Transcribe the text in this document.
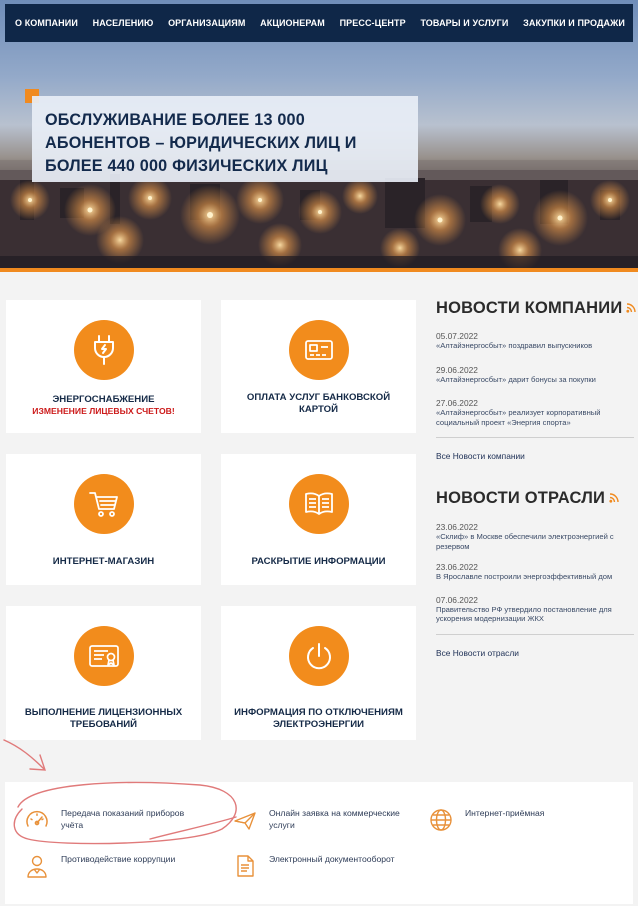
ОБСЛУЖИВАНИЕ БОЛЕЕ 13 000
АБОНЕНТОВ – ЮРИДИЧЕСКИХ ЛИЦ И
БОЛЕЕ 440 000 ФИЗИЧЕСКИХ ЛИЦ
О КОМПАНИИ НАСЕЛЕНИЮ ОРГАНИЗАЦИЯМ АКЦИОНЕРАМ ПРЕСС-ЦЕНТР ТОВАРЫ И УСЛУГИ ЗАКУПКИ И ПРОДАЖИ
ЭНЕРГОСНАБЖЕНИЕ
ИЗМЕНЕНИЕ ЛИЦЕВЫХ СЧЕТОВ!
ОПЛАТА УСЛУГ БАНКОВСКОЙ
КАРТОЙ
ИНТЕРНЕТ-МАГАЗИН	РАСКРЫТИЕ ИНФОРМАЦИИ
ВЫПОЛНЕНИЕ ЛИЦЕНЗИОННЫХ
ТРЕБОВАНИЙ
ИНФОРМАЦИЯ ПО ОТКЛЮЧЕНИЯМ
ЭЛЕКТРОЭНЕРГИИ
НОВОСТИ КОМПАНИИ
05.07.2022
«Алтайэнергосбыт» поздравил выпускников
29.06.2022
«Алтайэнергосбыт» дарит бонусы за покупки
27.06.2022
«Алтайэнергосбыт» реализует корпоративный
социальный проект «Энергия спорта»
Все Новости компании
НОВОСТИ ОТРАСЛИ
23.06.2022
«Склиф» в Москве обеспечили электроэнергией с
резервом
23.06.2022
В Ярославле построили энергоэффективный дом
07.06.2022
Правительство РФ утвердило постановление для
ускорения модернизации ЖКХ
Все Новости отрасли
Передача показаний приборов
учёта
Онлайн заявка на коммерческие
услуги
Интернет-приёмная
Противодействие коррупции	Электронный документооборот
